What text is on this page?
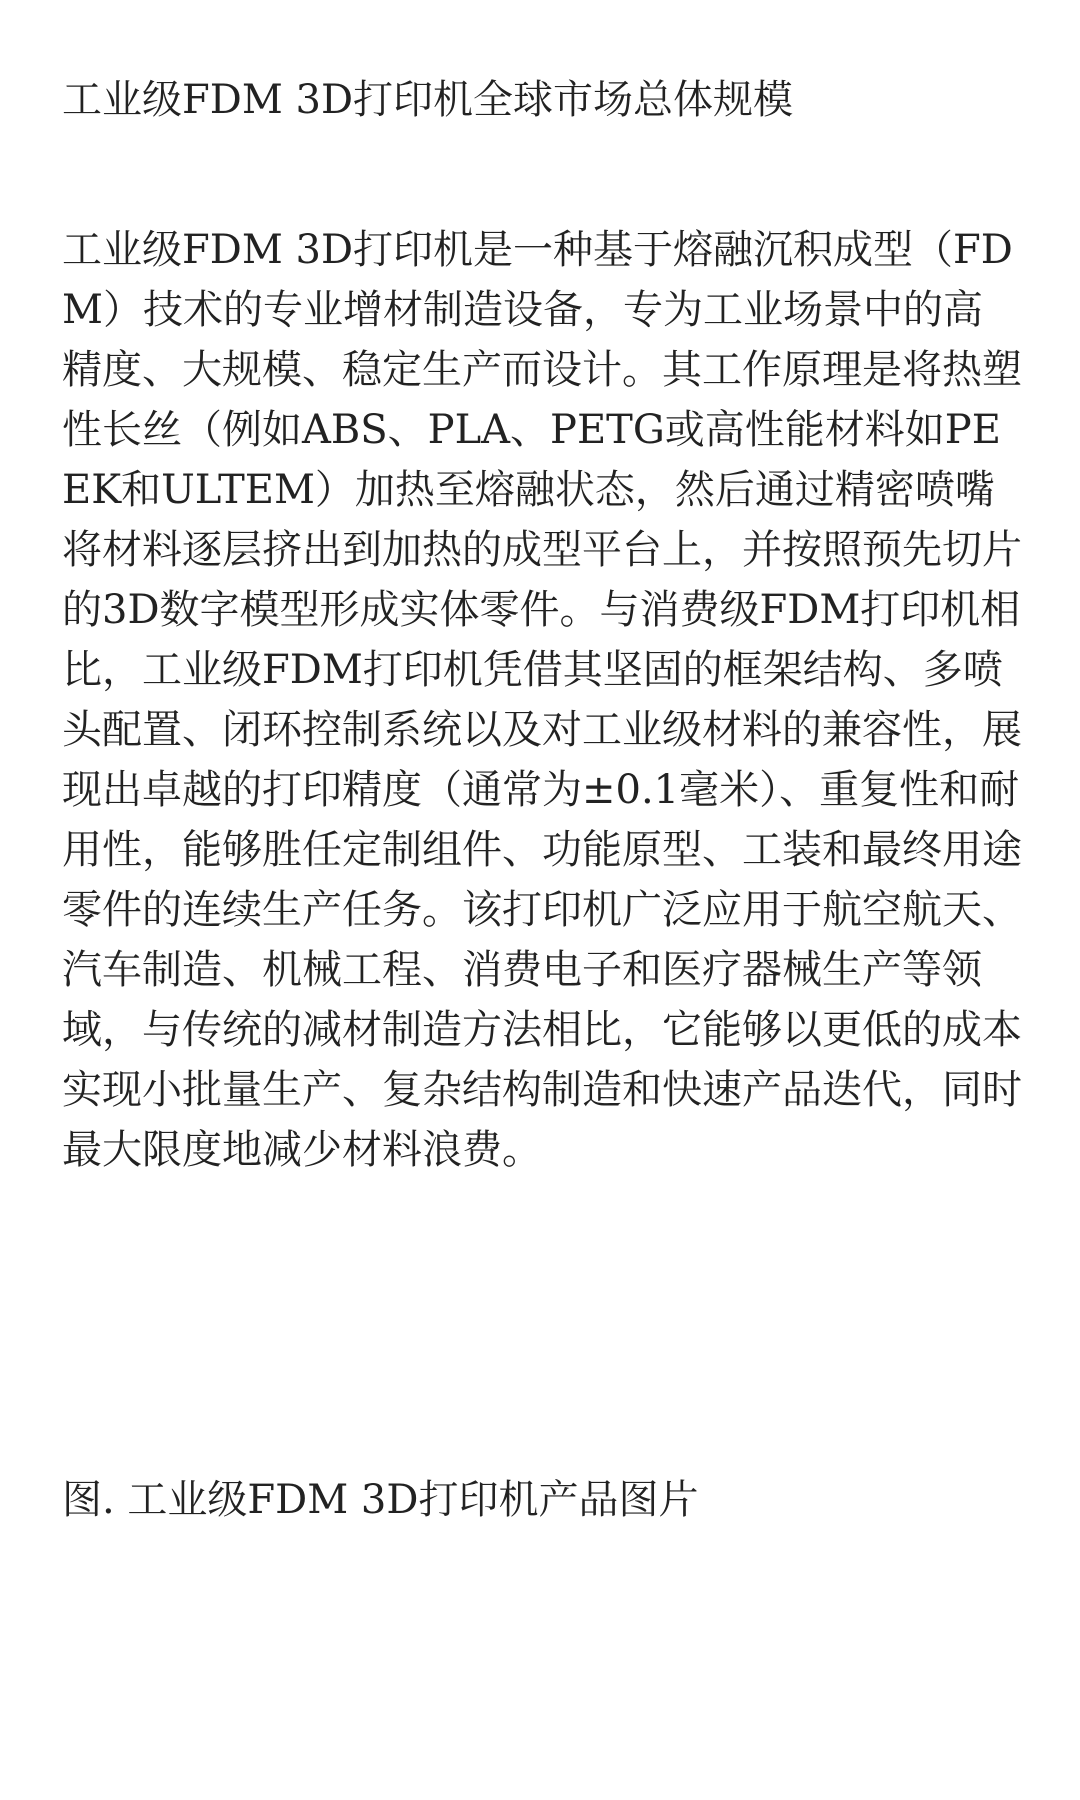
工业级FDM 3D打印机全球市场总体规模

工业级FDM 3D打印机是一种基于熔融沉积成型（FDM）技术的专业增材制造设备，专为工业场景中的高精度、大规模、稳定生产而设计。其工作原理是将热塑性长丝（例如ABS、PLA、PETG或高性能材料如PEEK和ULTEM）加热至熔融状态，然后通过精密喷嘴将材料逐层挤出到加热的成型平台上，并按照预先切片的3D数字模型形成实体零件。与消费级FDM打印机相比，工业级FDM打印机凭借其坚固的框架结构、多喷头配置、闭环控制系统以及对工业级材料的兼容性，展现出卓越的打印精度（通常为±0.1毫米）、重复性和耐用性，能够胜任定制组件、功能原型、工装和最终用途零件的连续生产任务。该打印机广泛应用于航空航天、汽车制造、机械工程、消费电子和医疗器械生产等领域，与传统的减材制造方法相比，它能够以更低的成本实现小批量生产、复杂结构制造和快速产品迭代，同时最大限度地减少材料浪费。

图. 工业级FDM 3D打印机产品图片
